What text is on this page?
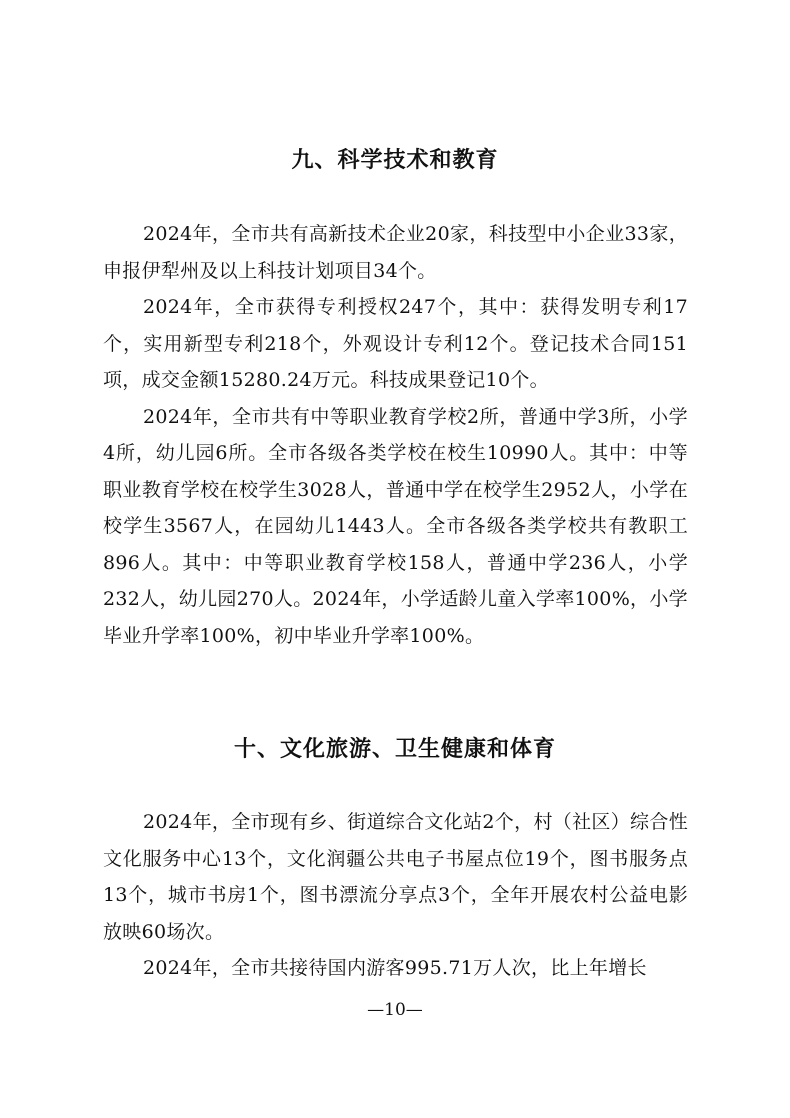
九、科学技术和教育

2024年，全市共有高新技术企业20家，科技型中小企业33家，申报伊犁州及以上科技计划项目34个。

2024年，全市获得专利授权247个，其中：获得发明专利17个，实用新型专利218个，外观设计专利12个。登记技术合同151项，成交金额15280.24万元。科技成果登记10个。

2024年，全市共有中等职业教育学校2所，普通中学3所，小学4所，幼儿园6所。全市各级各类学校在校生10990人。其中：中等职业教育学校在校学生3028人，普通中学在校学生2952人，小学在校学生3567人，在园幼儿1443人。全市各级各类学校共有教职工896人。其中：中等职业教育学校158人，普通中学236人，小学232人，幼儿园270人。2024年，小学适龄儿童入学率100%，小学毕业升学率100%，初中毕业升学率100%。

十、文化旅游、卫生健康和体育

2024年，全市现有乡、街道综合文化站2个，村（社区）综合性文化服务中心13个，文化润疆公共电子书屋点位19个，图书服务点13个，城市书房1个，图书漂流分享点3个，全年开展农村公益电影放映60场次。

2024年，全市共接待国内游客995.71万人次，比上年增长

—10—
